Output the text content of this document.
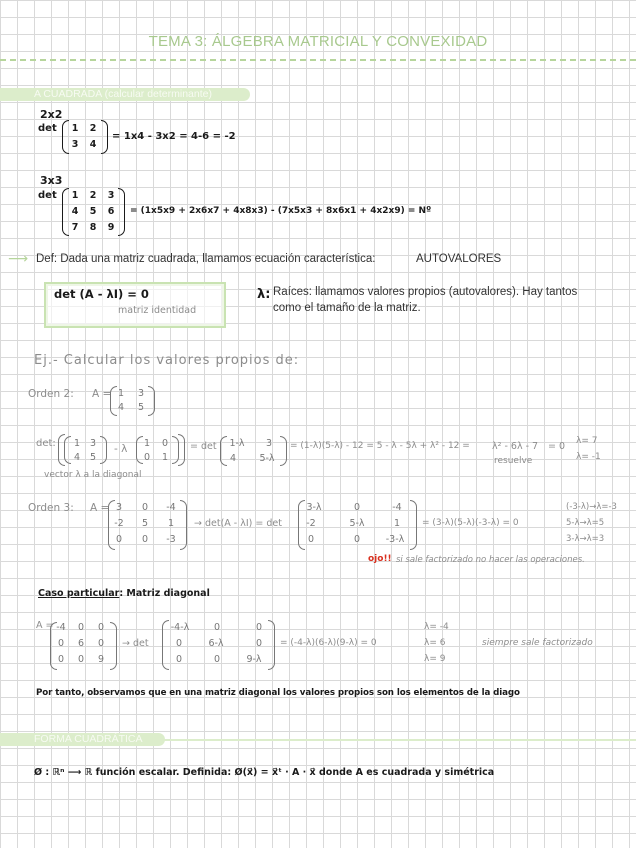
TEMA 3: ÁLGEBRA MATRICIAL Y CONVEXIDAD
A CUADRADA (calcular determinante)
2x2
det	1	2
3	4
= 1x4 - 3x2 = 4-6 = -2
3x3
det	1	2	3
4	5	6
7	8	9
= (1x5x9 + 2x6x7 + 4x8x3) - (7x5x3 + 8x6x1 + 4x2x9) = Nº
⟶ Def: Dada una matriz cuadrada, llamamos ecuación característica:	AUTOVALORES
det (A - λI) = 0
matriz identidad
λ: Raíces: llamamos valores propios (autovalores). Hay tantos
como el tamaño de la matriz.
Ej.- Calcular los valores propios de:
Orden 2: A = 1	3
4	5
det:	1	3
4	5
- λ	1	0
0	1
= det	1-λ	3
4	5-λ
= (1-λ)(5-λ) - 12 = 5 - λ - 5λ + λ² - 12 = λ² - 6λ - 7 = 0 λ= 7
λ= -1
vector λ a la diagonal
resuelve
Orden 3: A = 3	0	-4
-2	5	1
0	0	-3
→ det(A - λI) = det
3-λ	0	-4
-2	5-λ	1
0	0	-3-λ
= (3-λ)(5-λ)(-3-λ) = 0
(-3-λ)→λ=-3
5-λ→λ=5
3-λ→λ=3
ojo!! si sale factorizado no hacer las operaciones.
Caso particular: Matriz diagonal
A = -4	0	0
0	6	0
0	0	9
→ det
-4-λ	0	0
0	6-λ	0
0	0	9-λ
= (-4-λ)(6-λ)(9-λ) = 0
λ= -4
λ= 6
λ= 9
siempre sale factorizado
Por tanto, observamos que en una matriz diagonal los valores propios son los elementos de la diago
FORMA CUADRÁTICA
Ø : ℝⁿ ⟶ ℝ función escalar. Definida: Ø(x⃗) = x⃗ᵗ · A · x⃗ donde A es cuadrada y simétrica
